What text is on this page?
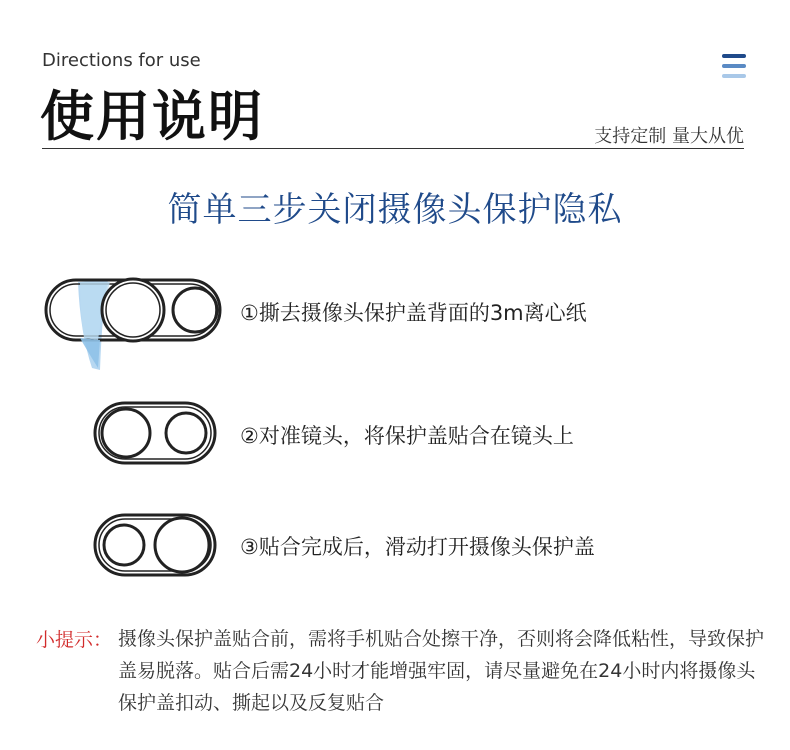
Directions for use
使用说明	支持定制 量大从优
简单三步关闭摄像头保护隐私
①撕去摄像头保护盖背面的3m离心纸
②对准镜头，将保护盖贴合在镜头上
③贴合完成后，滑动打开摄像头保护盖
小提示： 摄像头保护盖贴合前，需将手机贴合处擦干净，否则将会降低粘性，导致保护盖易脱落。贴合后需24小时才能增强牢固，请尽量避免在24小时内将摄像头保护盖扣动、撕起以及反复贴合
